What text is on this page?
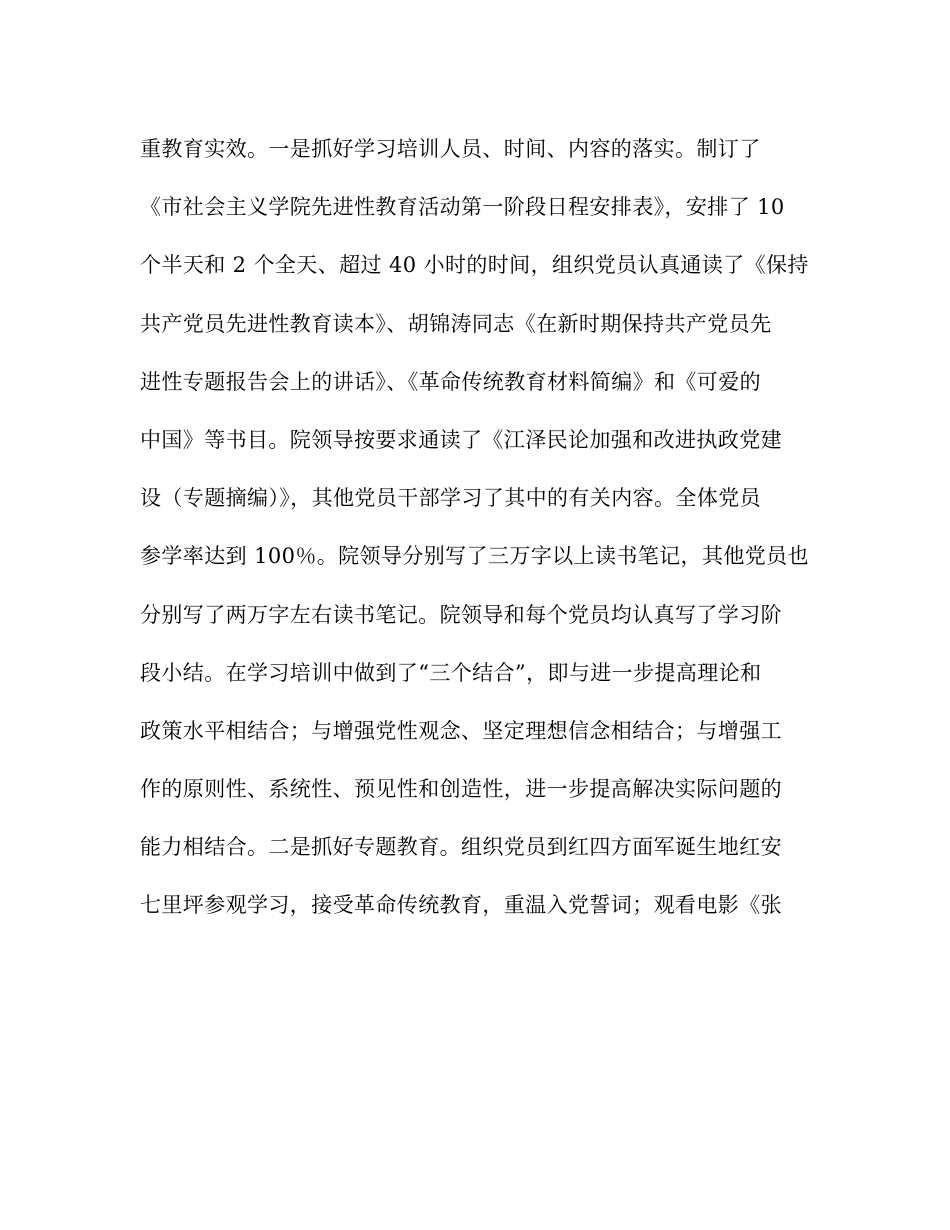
重教育实效。一是抓好学习培训人员、时间、内容的落实。制订了
《市社会主义学院先进性教育活动第一阶段日程安排表》，安排了 10
个半天和 2 个全天、超过 40 小时的时间，组织党员认真通读了《保持
共产党员先进性教育读本》、胡锦涛同志《在新时期保持共产党员先
进性专题报告会上的讲话》、《革命传统教育材料简编》和《可爱的
中国》等书目。院领导按要求通读了《江泽民论加强和改进执政党建
设（专题摘编）》，其他党员干部学习了其中的有关内容。全体党员
参学率达到 100％。院领导分别写了三万字以上读书笔记，其他党员也
分别写了两万字左右读书笔记。院领导和每个党员均认真写了学习阶
段小结。在学习培训中做到了“三个结合”，即与进一步提高理论和
政策水平相结合；与增强党性观念、坚定理想信念相结合；与增强工
作的原则性、系统性、预见性和创造性，进一步提高解决实际问题的
能力相结合。二是抓好专题教育。组织党员到红四方面军诞生地红安
七里坪参观学习，接受革命传统教育，重温入党誓词；观看电影《张
